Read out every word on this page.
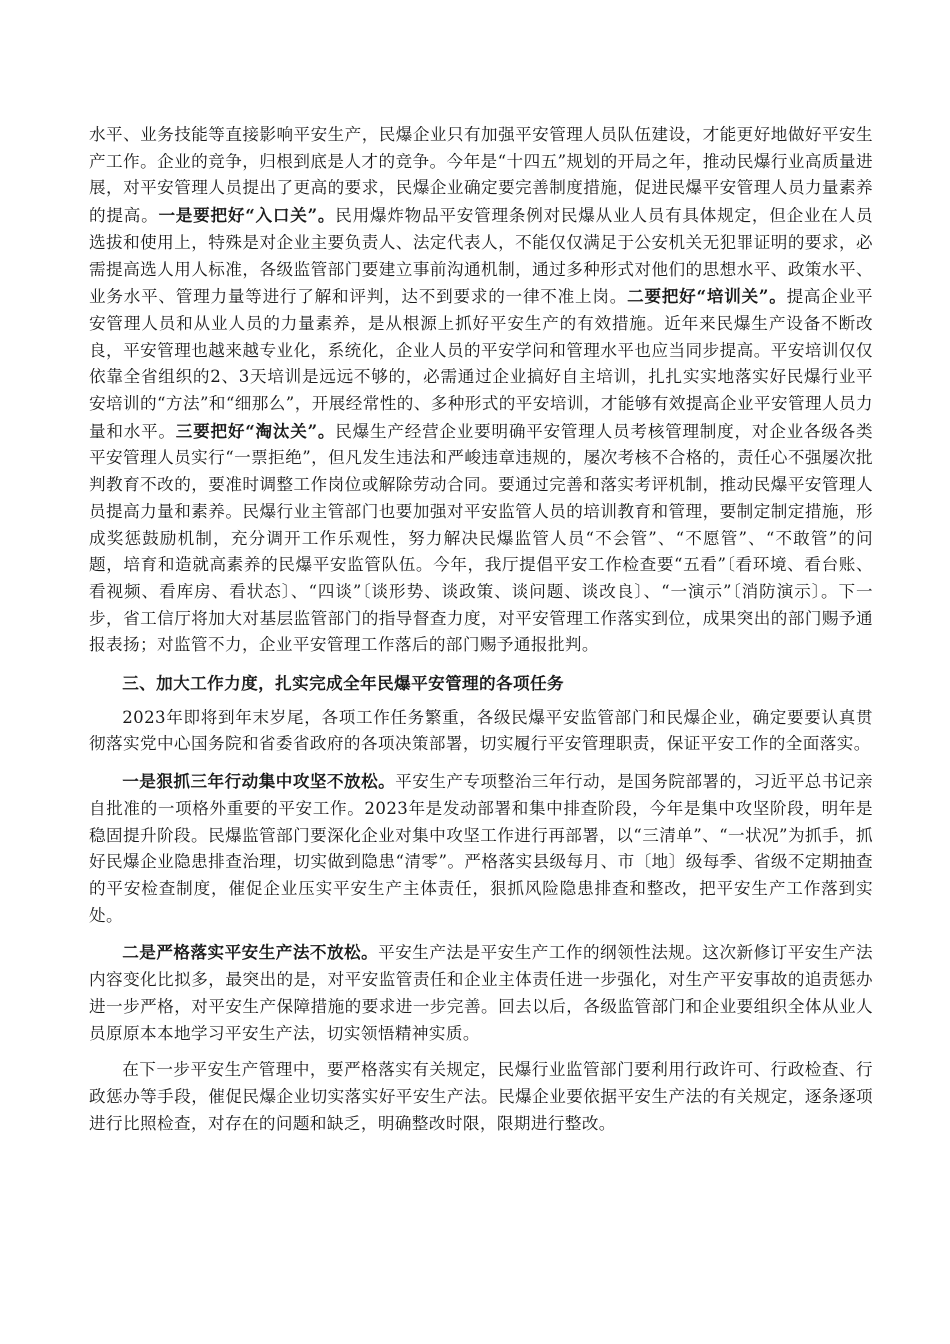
水平、业务技能等直接影响平安生产，民爆企业只有加强平安管理人员队伍建设，才能更好地做好平安生产工作。企业的竞争，归根到底是人才的竞争。今年是“十四五”规划的开局之年，推动民爆行业高质量进展，对平安管理人员提出了更高的要求，民爆企业确定要完善制度措施，促进民爆平安管理人员力量素养的提高。一是要把好“入口关”。民用爆炸物品平安管理条例对民爆从业人员有具体规定，但企业在人员选拔和使用上，特殊是对企业主要负责人、法定代表人，不能仅仅满足于公安机关无犯罪证明的要求，必需提高选人用人标准，各级监管部门要建立事前沟通机制，通过多种形式对他们的思想水平、政策水平、业务水平、管理力量等进行了解和评判，达不到要求的一律不准上岗。二要把好“培训关”。提高企业平安管理人员和从业人员的力量素养，是从根源上抓好平安生产的有效措施。近年来民爆生产设备不断改良，平安管理也越来越专业化，系统化，企业人员的平安学问和管理水平也应当同步提高。平安培训仅仅依靠全省组织的2、3天培训是远远不够的，必需通过企业搞好自主培训，扎扎实实地落实好民爆行业平安培训的“方法”和“细那么”，开展经常性的、多种形式的平安培训，才能够有效提高企业平安管理人员力量和水平。三要把好“淘汰关”。民爆生产经营企业要明确平安管理人员考核管理制度，对企业各级各类平安管理人员实行“一票拒绝”，但凡发生违法和严峻违章违规的，屡次考核不合格的，责任心不强屡次批判教育不改的，要准时调整工作岗位或解除劳动合同。要通过完善和落实考评机制，推动民爆平安管理人员提高力量和素养。民爆行业主管部门也要加强对平安监管人员的培训教育和管理，要制定制定措施，形成奖惩鼓励机制，充分调开工作乐观性，努力解决民爆监管人员“不会管”、“不愿管”、“不敢管”的问题，培育和造就高素养的民爆平安监管队伍。今年，我厅提倡平安工作检查要“五看”〔看环境、看台账、看视频、看库房、看状态〕、“四谈”〔谈形势、谈政策、谈问题、谈改良〕、“一演示”〔消防演示〕。下一步，省工信厅将加大对基层监管部门的指导督查力度，对平安管理工作落实到位，成果突出的部门赐予通报表扬；对监管不力，企业平安管理工作落后的部门赐予通报批判。

三、加大工作力度，扎实完成全年民爆平安管理的各项任务

2023年即将到年末岁尾，各项工作任务繁重，各级民爆平安监管部门和民爆企业，确定要要认真贯彻落实党中心国务院和省委省政府的各项决策部署，切实履行平安管理职责，保证平安工作的全面落实。

一是狠抓三年行动集中攻坚不放松。平安生产专项整治三年行动，是国务院部署的，习近平总书记亲自批准的一项格外重要的平安工作。2023年是发动部署和集中排查阶段，今年是集中攻坚阶段，明年是稳固提升阶段。民爆监管部门要深化企业对集中攻坚工作进行再部署，以“三清单”、“一状况”为抓手，抓好民爆企业隐患排查治理，切实做到隐患“清零”。严格落实县级每月、市〔地〕级每季、省级不定期抽查的平安检查制度，催促企业压实平安生产主体责任，狠抓风险隐患排查和整改，把平安生产工作落到实处。

二是严格落实平安生产法不放松。平安生产法是平安生产工作的纲领性法规。这次新修订平安生产法内容变化比拟多，最突出的是，对平安监管责任和企业主体责任进一步强化，对生产平安事故的追责惩办进一步严格，对平安生产保障措施的要求进一步完善。回去以后，各级监管部门和企业要组织全体从业人员原原本本地学习平安生产法，切实领悟精神实质。

在下一步平安生产管理中，要严格落实有关规定，民爆行业监管部门要利用行政许可、行政检查、行政惩办等手段，催促民爆企业切实落实好平安生产法。民爆企业要依据平安生产法的有关规定，逐条逐项进行比照检查，对存在的问题和缺乏，明确整改时限，限期进行整改。
